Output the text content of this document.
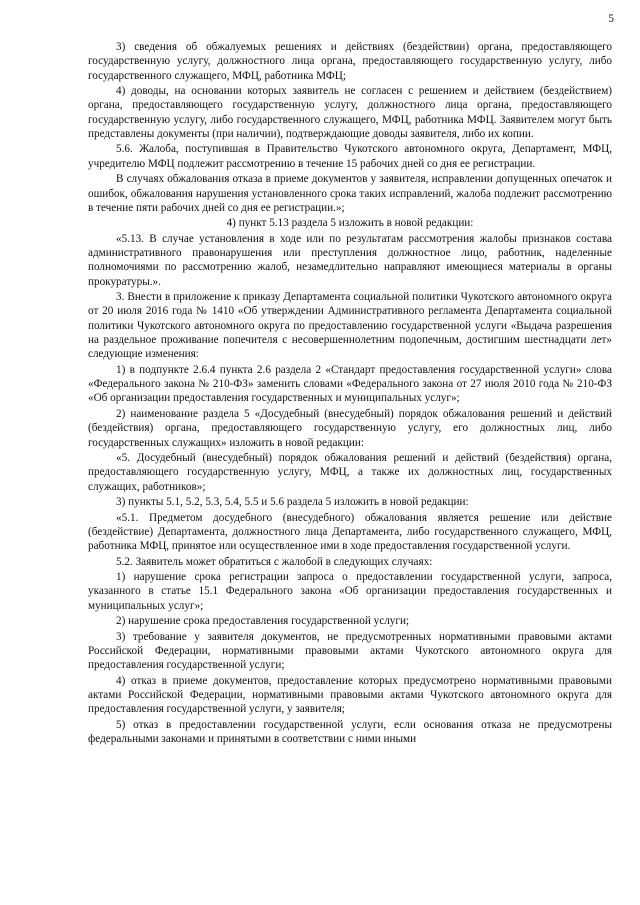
5

3) сведения об обжалуемых решениях и действиях (бездействии) органа, предоставляющего государственную услугу, должностного лица органа, предоставляющего государственную услугу, либо государственного служащего, МФЦ, работника МФЦ;

4) доводы, на основании которых заявитель не согласен с решением и действием (бездействием) органа, предоставляющего государственную услугу, должностного лица органа, предоставляющего государственную услугу, либо государственного служащего, МФЦ, работника МФЦ. Заявителем могут быть представлены документы (при наличии), подтверждающие доводы заявителя, либо их копии.

5.6. Жалоба, поступившая в Правительство Чукотского автономного округа, Департамент, МФЦ, учредителю МФЦ подлежит рассмотрению в течение 15 рабочих дней со дня ее регистрации.

В случаях обжалования отказа в приеме документов у заявителя, исправлении допущенных опечаток и ошибок, обжалования нарушения установленного срока таких исправлений, жалоба подлежит рассмотрению в течение пяти рабочих дней со дня ее регистрации.»;

4) пункт 5.13 раздела 5 изложить в новой редакции:

«5.13. В случае установления в ходе или по результатам рассмотрения жалобы признаков состава административного правонарушения или преступления должностное лицо, работник, наделенные полномочиями по рассмотрению жалоб, незамедлительно направляют имеющиеся материалы в органы прокуратуры.».

3. Внести в приложение к приказу Департамента социальной политики Чукотского автономного округа от 20 июля 2016 года № 1410 «Об утверждении Административного регламента Департамента социальной политики Чукотского автономного округа по предоставлению государственной услуги «Выдача разрешения на раздельное проживание попечителя с несовершеннолетним подопечным, достигшим шестнадцати лет» следующие изменения:

1) в подпункте 2.6.4 пункта 2.6 раздела 2 «Стандарт предоставления государственной услуги» слова «Федерального закона № 210-ФЗ» заменить словами «Федерального закона от 27 июля 2010 года № 210-ФЗ «Об организации предоставления государственных и муниципальных услуг»;

2) наименование раздела 5 «Досудебный (внесудебный) порядок обжалования решений и действий (бездействия) органа, предоставляющего государственную услугу, его должностных лиц, либо государственных служащих» изложить в новой редакции:

«5. Досудебный (внесудебный) порядок обжалования решений и действий (бездействия) органа, предоставляющего государственную услугу, МФЦ, а также их должностных лиц, государственных служащих, работников»;

3) пункты 5.1, 5.2, 5.3, 5.4, 5.5 и 5.6 раздела 5 изложить в новой редакции:

«5.1. Предметом досудебного (внесудебного) обжалования является решение или действие (бездействие) Департамента, должностного лица Департамента, либо государственного служащего, МФЦ, работника МФЦ, принятое или осуществленное ими в ходе предоставления государственной услуги.

5.2. Заявитель может обратиться с жалобой в следующих случаях:

1) нарушение срока регистрации запроса о предоставлении государственной услуги, запроса, указанного в статье 15.1 Федерального закона «Об организации предоставления государственных и муниципальных услуг»;

2) нарушение срока предоставления государственной услуги;

3) требование у заявителя документов, не предусмотренных нормативными правовыми актами Российской Федерации, нормативными правовыми актами Чукотского автономного округа для предоставления государственной услуги;

4) отказ в приеме документов, предоставление которых предусмотрено нормативными правовыми актами Российской Федерации, нормативными правовыми актами Чукотского автономного округа для предоставления государственной услуги, у заявителя;

5) отказ в предоставлении государственной услуги, если основания отказа не предусмотрены федеральными законами и принятыми в соответствии с ними иными
